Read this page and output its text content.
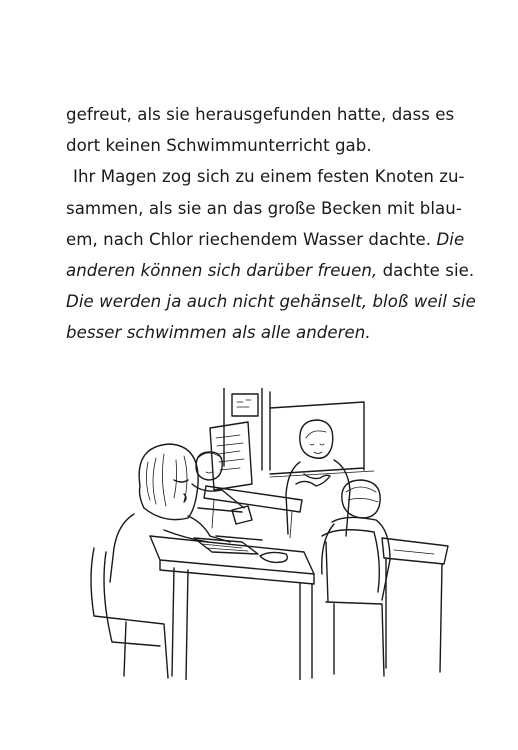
gefreut, als sie herausgefunden hatte, dass es
dort keinen Schwimmunterricht gab.
Ihr Magen zog sich zu einem festen Knoten zu-
sammen, als sie an das große Becken mit blau-
em, nach Chlor riechendem Wasser dachte. Die
anderen können sich darüber freuen, dachte sie.
Die werden ja auch nicht gehänselt, bloß weil sie
besser schwimmen als alle anderen.
